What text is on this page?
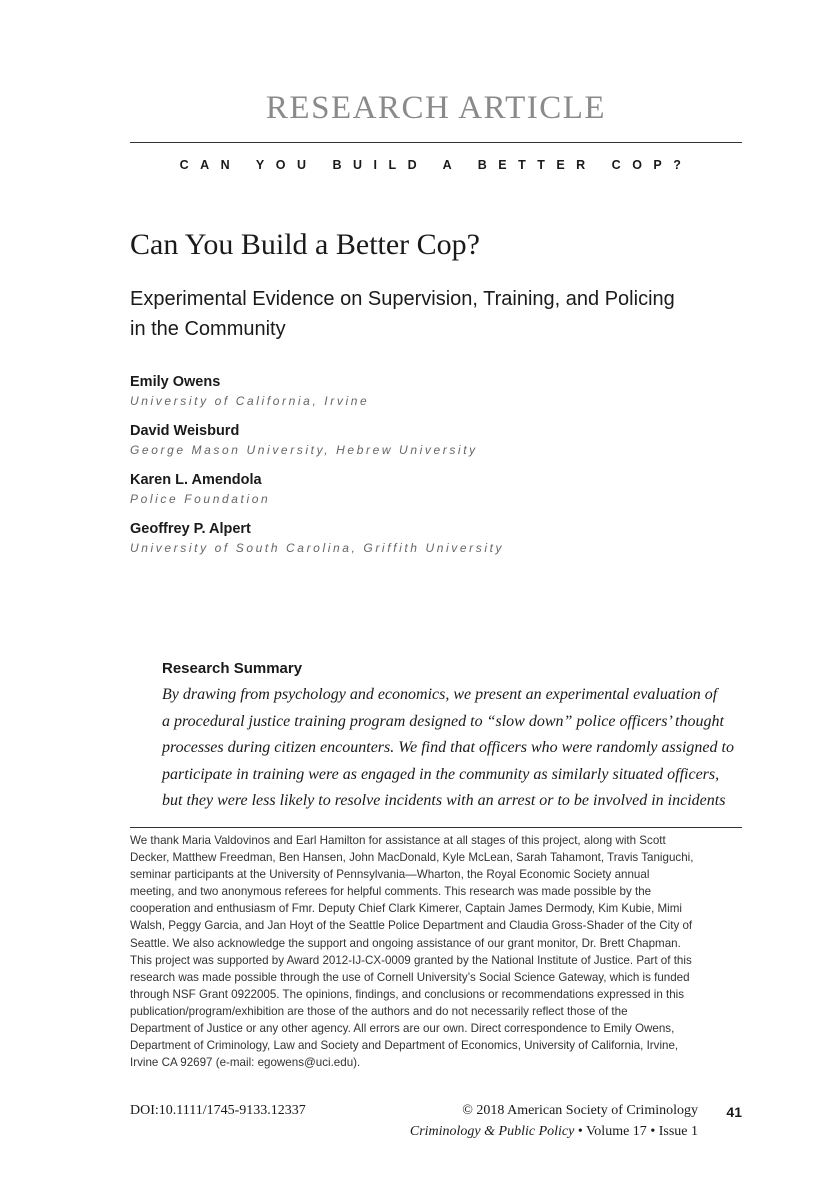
RESEARCH ARTICLE
CAN YOU BUILD A BETTER COP?
Can You Build a Better Cop?
Experimental Evidence on Supervision, Training, and Policing in the Community
Emily Owens
University of California, Irvine
David Weisburd
George Mason University, Hebrew University
Karen L. Amendola
Police Foundation
Geoffrey P. Alpert
University of South Carolina, Griffith University
Research Summary
By drawing from psychology and economics, we present an experimental evaluation of
a procedural justice training program designed to “slow down” police officers’ thought
processes during citizen encounters. We find that officers who were randomly assigned to
participate in training were as engaged in the community as similarly situated officers,
but they were less likely to resolve incidents with an arrest or to be involved in incidents
We thank Maria Valdovinos and Earl Hamilton for assistance at all stages of this project, along with Scott
Decker, Matthew Freedman, Ben Hansen, John MacDonald, Kyle McLean, Sarah Tahamont, Travis Taniguchi,
seminar participants at the University of Pennsylvania—Wharton, the Royal Economic Society annual
meeting, and two anonymous referees for helpful comments. This research was made possible by the
cooperation and enthusiasm of Fmr. Deputy Chief Clark Kimerer, Captain James Dermody, Kim Kubie, Mimi
Walsh, Peggy Garcia, and Jan Hoyt of the Seattle Police Department and Claudia Gross-Shader of the City of
Seattle. We also acknowledge the support and ongoing assistance of our grant monitor, Dr. Brett Chapman.
This project was supported by Award 2012-IJ-CX-0009 granted by the National Institute of Justice. Part of this
research was made possible through the use of Cornell University’s Social Science Gateway, which is funded
through NSF Grant 0922005. The opinions, findings, and conclusions or recommendations expressed in this
publication/program/exhibition are those of the authors and do not necessarily reflect those of the
Department of Justice or any other agency. All errors are our own. Direct correspondence to Emily Owens,
Department of Criminology, Law and Society and Department of Economics, University of California, Irvine,
Irvine CA 92697 (e-mail: egowens@uci.edu).
DOI:10.1111/1745-9133.12337	© 2018 American Society of Criminology
Criminology & Public Policy • Volume 17 • Issue 1
41
